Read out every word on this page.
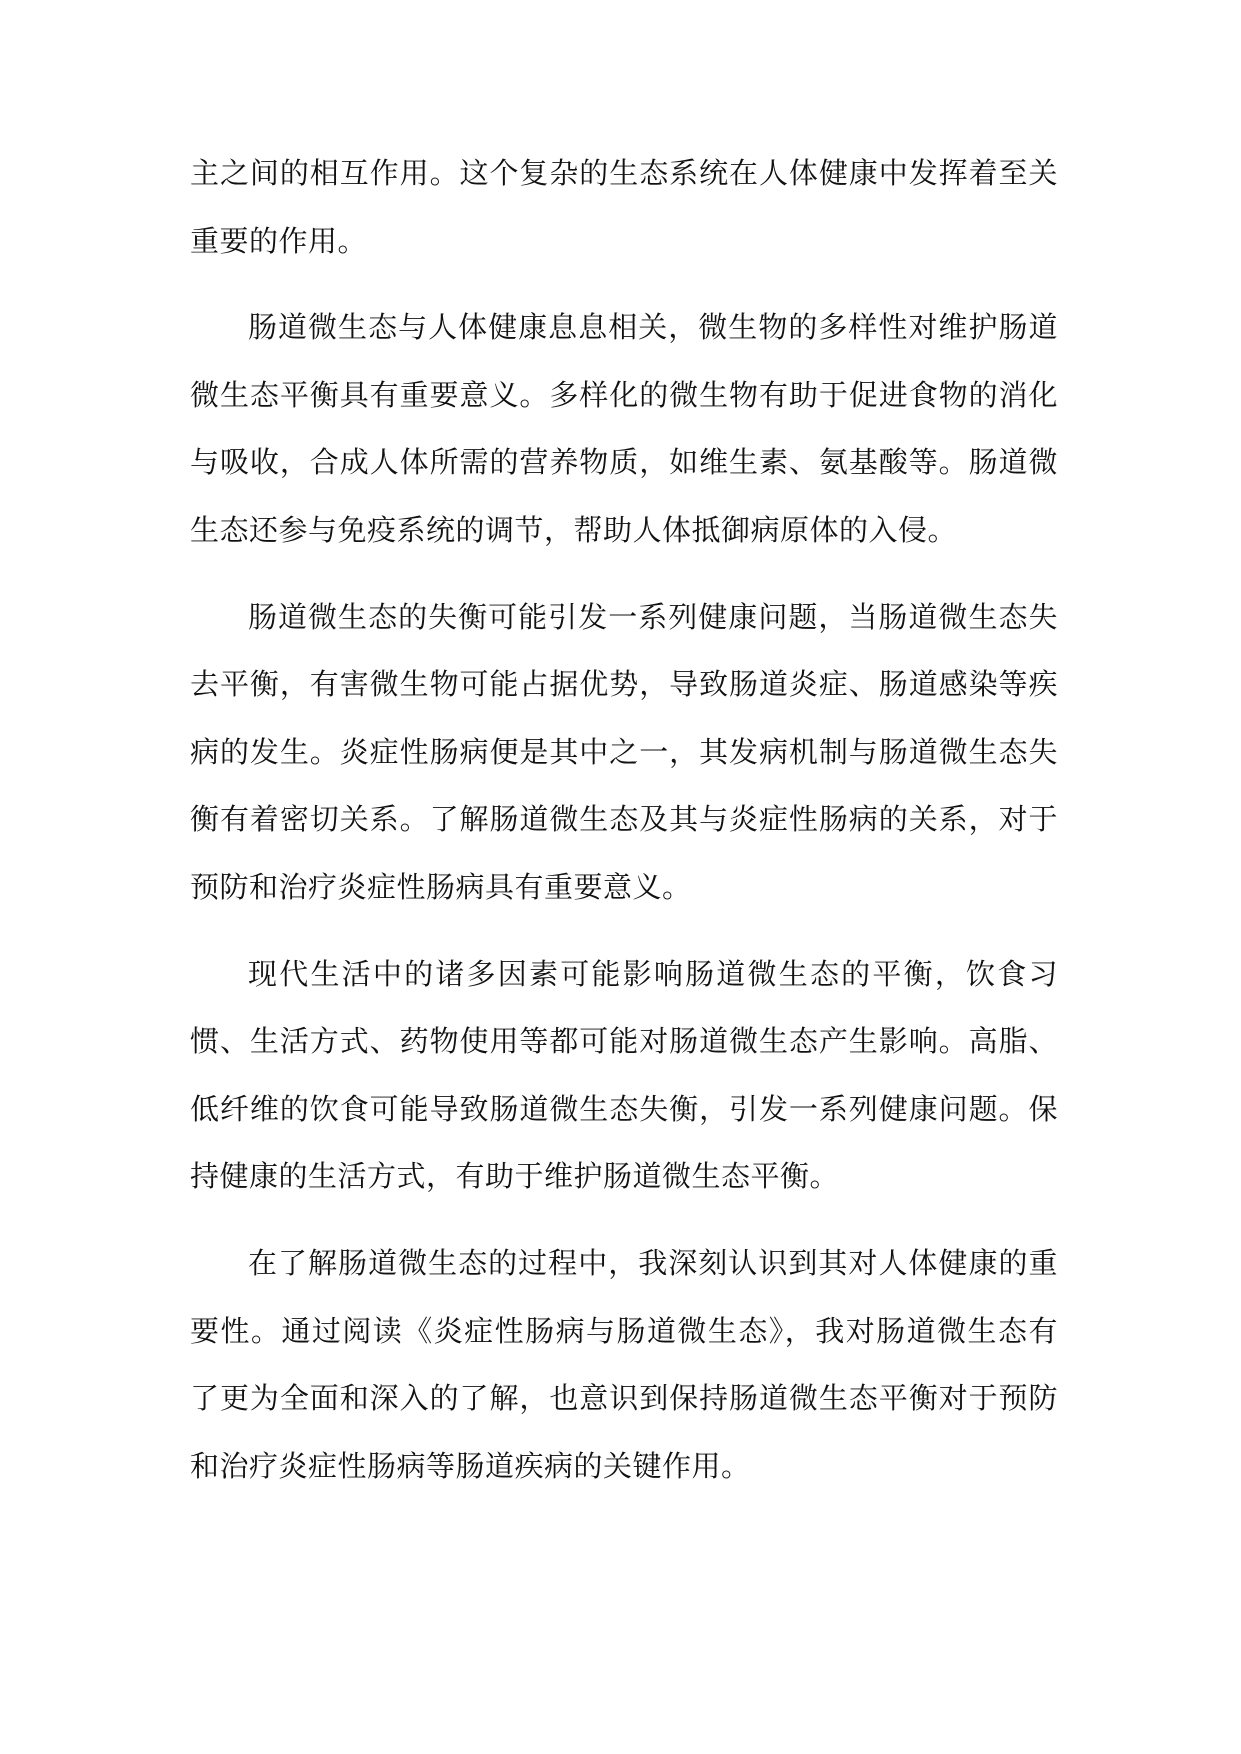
主之间的相互作用。这个复杂的生态系统在人体健康中发挥着至关重要的作用。

肠道微生态与人体健康息息相关，微生物的多样性对维护肠道微生态平衡具有重要意义。多样化的微生物有助于促进食物的消化与吸收，合成人体所需的营养物质，如维生素、氨基酸等。肠道微生态还参与免疫系统的调节，帮助人体抵御病原体的入侵。

肠道微生态的失衡可能引发一系列健康问题，当肠道微生态失去平衡，有害微生物可能占据优势，导致肠道炎症、肠道感染等疾病的发生。炎症性肠病便是其中之一，其发病机制与肠道微生态失衡有着密切关系。了解肠道微生态及其与炎症性肠病的关系，对于预防和治疗炎症性肠病具有重要意义。

现代生活中的诸多因素可能影响肠道微生态的平衡，饮食习惯、生活方式、药物使用等都可能对肠道微生态产生影响。高脂、低纤维的饮食可能导致肠道微生态失衡，引发一系列健康问题。保持健康的生活方式，有助于维护肠道微生态平衡。

在了解肠道微生态的过程中，我深刻认识到其对人体健康的重要性。通过阅读《炎症性肠病与肠道微生态》，我对肠道微生态有了更为全面和深入的了解，也意识到保持肠道微生态平衡对于预防和治疗炎症性肠病等肠道疾病的关键作用。
